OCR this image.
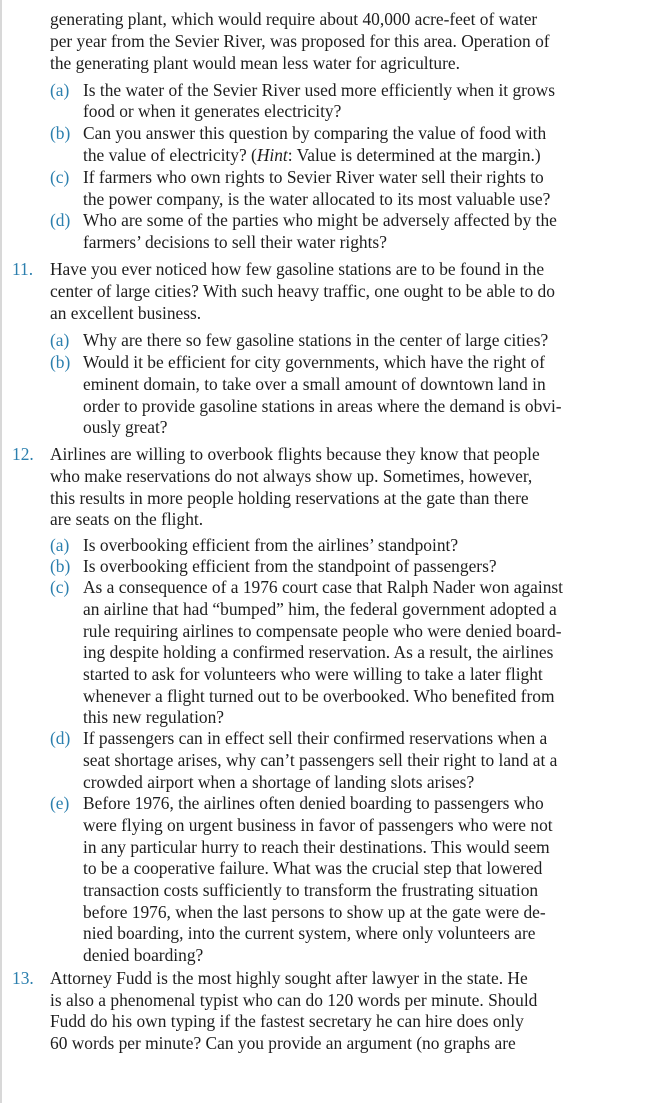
generating plant, which would require about 40,000 acre-feet of water
per year from the Sevier River, was proposed for this area. Operation of
the generating plant would mean less water for agriculture.
(a) Is the water of the Sevier River used more efficiently when it grows
food or when it generates electricity?
(b) Can you answer this question by comparing the value of food with
the value of electricity? (Hint: Value is determined at the margin.)
(c) If farmers who own rights to Sevier River water sell their rights to
the power company, is the water allocated to its most valuable use?
(d) Who are some of the parties who might be adversely affected by the
farmers’ decisions to sell their water rights?
11. Have you ever noticed how few gasoline stations are to be found in the
center of large cities? With such heavy traffic, one ought to be able to do
an excellent business.
(a) Why are there so few gasoline stations in the center of large cities?
(b) Would it be efficient for city governments, which have the right of
eminent domain, to take over a small amount of downtown land in
order to provide gasoline stations in areas where the demand is obvi-
ously great?
12. Airlines are willing to overbook flights because they know that people
who make reservations do not always show up. Sometimes, however,
this results in more people holding reservations at the gate than there
are seats on the flight.
(a) Is overbooking efficient from the airlines’ standpoint?
(b) Is overbooking efficient from the standpoint of passengers?
(c) As a consequence of a 1976 court case that Ralph Nader won against
an airline that had “bumped” him, the federal government adopted a
rule requiring airlines to compensate people who were denied board-
ing despite holding a confirmed reservation. As a result, the airlines
started to ask for volunteers who were willing to take a later flight
whenever a flight turned out to be overbooked. Who benefited from
this new regulation?
(d) If passengers can in effect sell their confirmed reservations when a
seat shortage arises, why can’t passengers sell their right to land at a
crowded airport when a shortage of landing slots arises?
(e) Before 1976, the airlines often denied boarding to passengers who
were flying on urgent business in favor of passengers who were not
in any particular hurry to reach their destinations. This would seem
to be a cooperative failure. What was the crucial step that lowered
transaction costs sufficiently to transform the frustrating situation
before 1976, when the last persons to show up at the gate were de-
nied boarding, into the current system, where only volunteers are
denied boarding?
13. Attorney Fudd is the most highly sought after lawyer in the state. He
is also a phenomenal typist who can do 120 words per minute. Should
Fudd do his own typing if the fastest secretary he can hire does only
60 words per minute? Can you provide an argument (no graphs are
